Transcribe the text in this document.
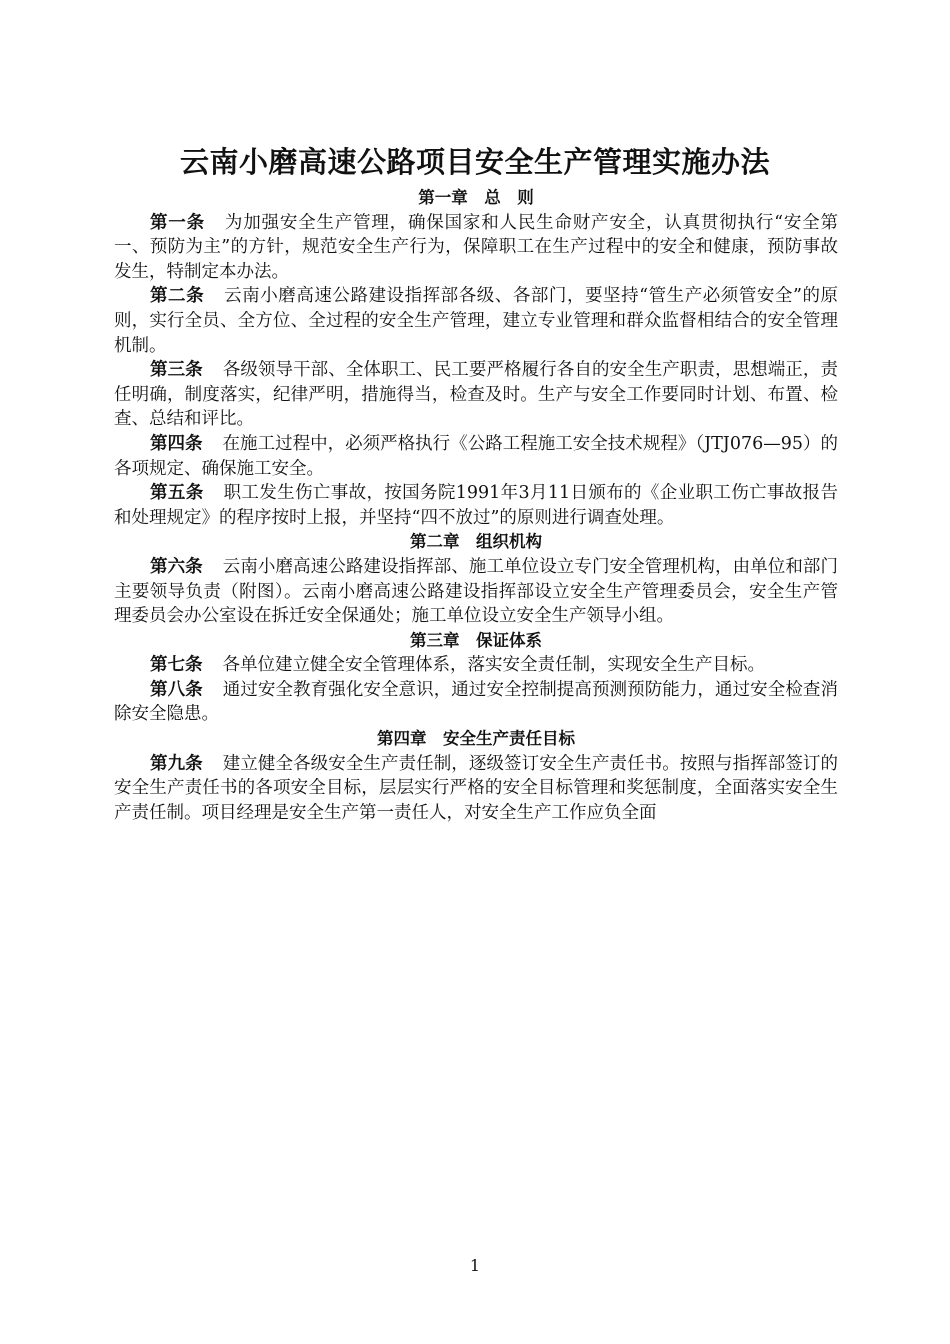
云南小磨高速公路项目安全生产管理实施办法
第一章　总　则

第一条 为加强安全生产管理，确保国家和人民生命财产安全，认真贯彻执行“安全第一、预防为主”的方针，规范安全生产行为，保障职工在生产过程中的安全和健康，预防事故发生，特制定本办法。

第二条 云南小磨高速公路建设指挥部各级、各部门，要坚持“管生产必须管安全”的原则，实行全员、全方位、全过程的安全生产管理，建立专业管理和群众监督相结合的安全管理机制。

第三条 各级领导干部、全体职工、民工要严格履行各自的安全生产职责，思想端正，责任明确，制度落实，纪律严明，措施得当，检查及时。生产与安全工作要同时计划、布置、检查、总结和评比。

第四条 在施工过程中，必须严格执行《公路工程施工安全技术规程》（JTJ076—95）的各项规定、确保施工安全。

第五条 职工发生伤亡事故，按国务院1991年3月11日颁布的《企业职工伤亡事故报告和处理规定》的程序按时上报，并坚持“四不放过”的原则进行调查处理。

第二章　组织机构

第六条 云南小磨高速公路建设指挥部、施工单位设立专门安全管理机构，由单位和部门主要领导负责（附图）。云南小磨高速公路建设指挥部设立安全生产管理委员会，安全生产管理委员会办公室设在拆迁安全保通处；施工单位设立安全生产领导小组。

第三章　保证体系

第七条 各单位建立健全安全管理体系，落实安全责任制，实现安全生产目标。

第八条 通过安全教育强化安全意识，通过安全控制提高预测预防能力，通过安全检查消除安全隐患。

第四章　安全生产责任目标

第九条 建立健全各级安全生产责任制，逐级签订安全生产责任书。按照与指挥部签订的安全生产责任书的各项安全目标，层层实行严格的安全目标管理和奖惩制度，全面落实安全生产责任制。项目经理是安全生产第一责任人，对安全生产工作应负全面

1
